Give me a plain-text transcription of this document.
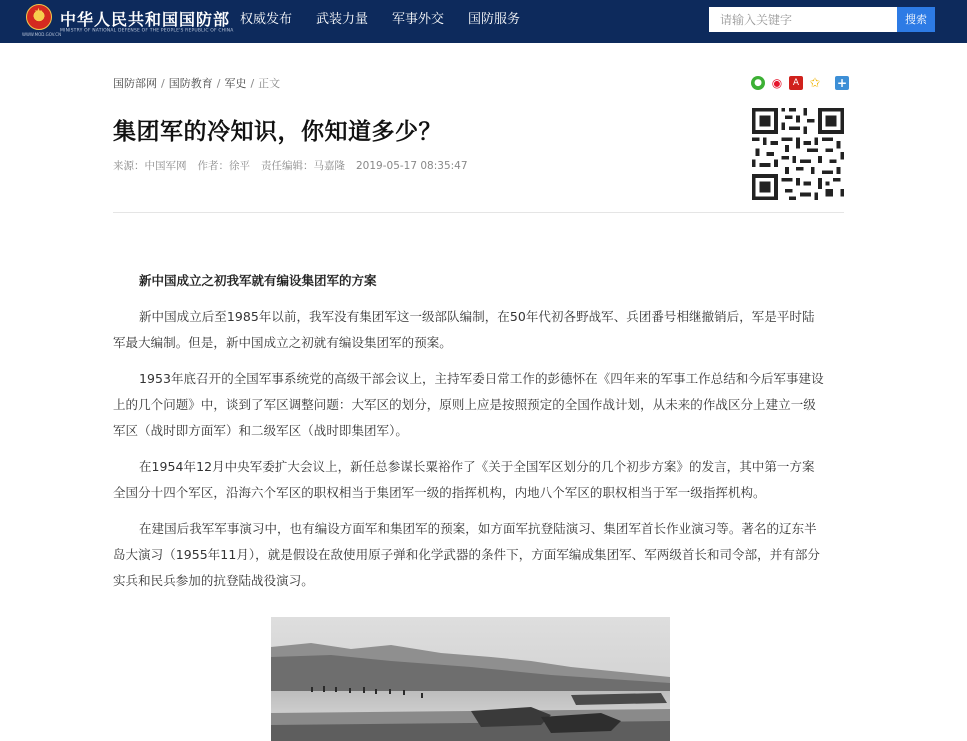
★ 中华人民共和国国防部
MINISTRY OF NATIONAL DEFENSE OF THE PEOPLE'S REPUBLIC OF CHINA
WWW.MOD.GOV.CN
权威发布 武装力量 军事外交 国防服务
请输入关键字	搜索
国防部网 / 国防教育 / 军史 / 正文	● ◉	A ✩ +
集团军的冷知识，你知道多少？
来源：中国军网 作者：徐平 责任编辑：马嘉隆 2019-05-17 08:35:47

新中国成立之初我军就有编设集团军的方案

新中国成立后至1985年以前，我军没有集团军这一级部队编制，在50年代初各野战军、兵团番号相继撤销后，军是平时陆军最大编制。但是，新中国成立之初就有编设集团军的预案。

1953年底召开的全国军事系统党的高级干部会议上，主持军委日常工作的彭德怀在《四年来的军事工作总结和今后军事建设上的几个问题》中，谈到了军区调整问题：大军区的划分，原则上应是按照预定的全国作战计划，从未来的作战区分上建立一级军区（战时即方面军）和二级军区（战时即集团军）。

在1954年12月中央军委扩大会议上，新任总参谋长粟裕作了《关于全国军区划分的几个初步方案》的发言，其中第一方案全国分十四个军区，沿海六个军区的职权相当于集团军一级的指挥机构，内地八个军区的职权相当于军一级指挥机构。

在建国后我军军事演习中，也有编设方面军和集团军的预案，如方面军抗登陆演习、集团军首长作业演习等。著名的辽东半岛大演习（1955年11月），就是假设在敌使用原子弹和化学武器的条件下，方面军编成集团军、军两级首长和司令部，并有部分实兵和民兵参加的抗登陆战役演习。
